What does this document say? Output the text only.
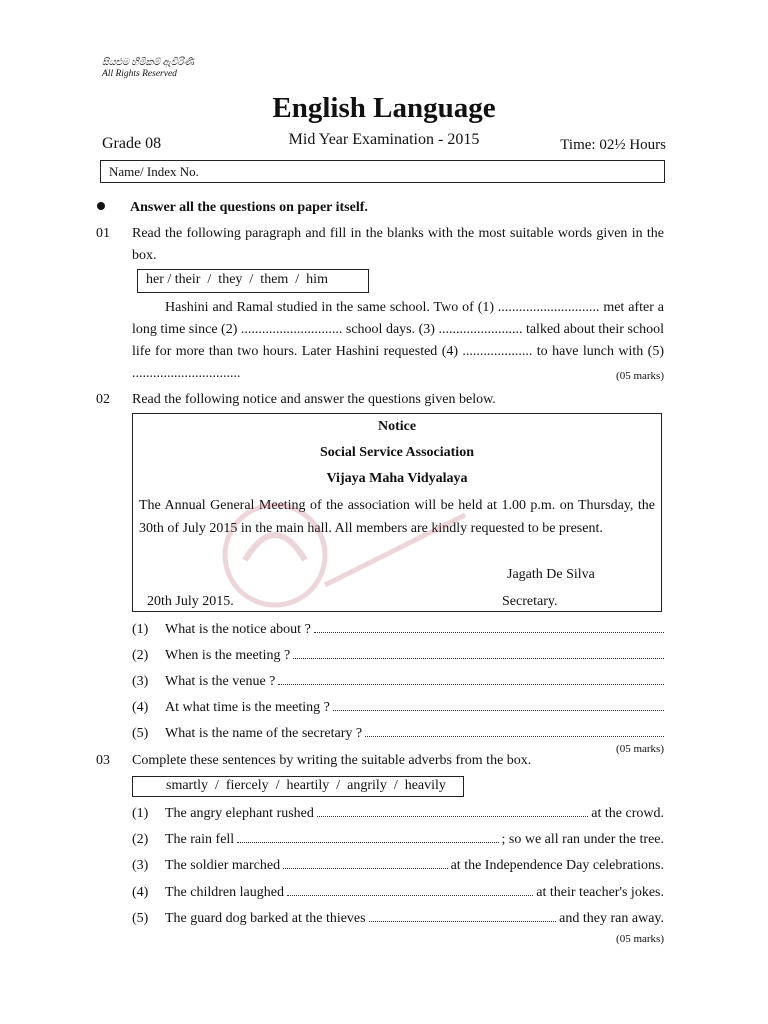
සියළුම හිමිකම් ඇවිරිණි
All Rights Reserved
English Language
Grade 08	Mid Year Examination - 2015	Time: 02½ Hours
Name/ Index No.
Answer all the questions on paper itself.
01 Read the following paragraph and fill in the blanks with the most suitable words given in the box.
her / their  /  they  /  them  /  him
Hashini and Ramal studied in the same school. Two of (1) ............................. met after a long time since (2) ............................. school days. (3) ........................ talked about their school life for more than two hours. Later Hashini requested (4) .................... to have lunch with (5) ...............................	(05 marks)
02 Read the following notice and answer the questions given below.
Notice
Social Service Association
Vijaya Maha Vidyalaya
The Annual General Meeting of the association will be held at 1.00 p.m. on Thursday, the 30th of July 2015 in the main hall. All members are kindly requested to be present.
Jagath De Silva
20th July 2015.	Secretary.
(1)	What is the notice about ?
(2)	When is the meeting ?
(3)	What is the venue ?
(4)	At what time is the meeting ?
(5)	What is the name of the secretary ?
(05 marks)
03 Complete these sentences by writing the suitable adverbs from the box.
smartly  /  fiercely  /  heartily  /  angrily  /  heavily
(1)	The angry elephant rushed	at the crowd.
(2)	The rain fell	; so we all ran under the tree.
(3)	The soldier marched	at the Independence Day celebrations.
(4)	The children laughed	at their teacher's jokes.
(5)	The guard dog barked at the thieves	and they ran away.
(05 marks)
